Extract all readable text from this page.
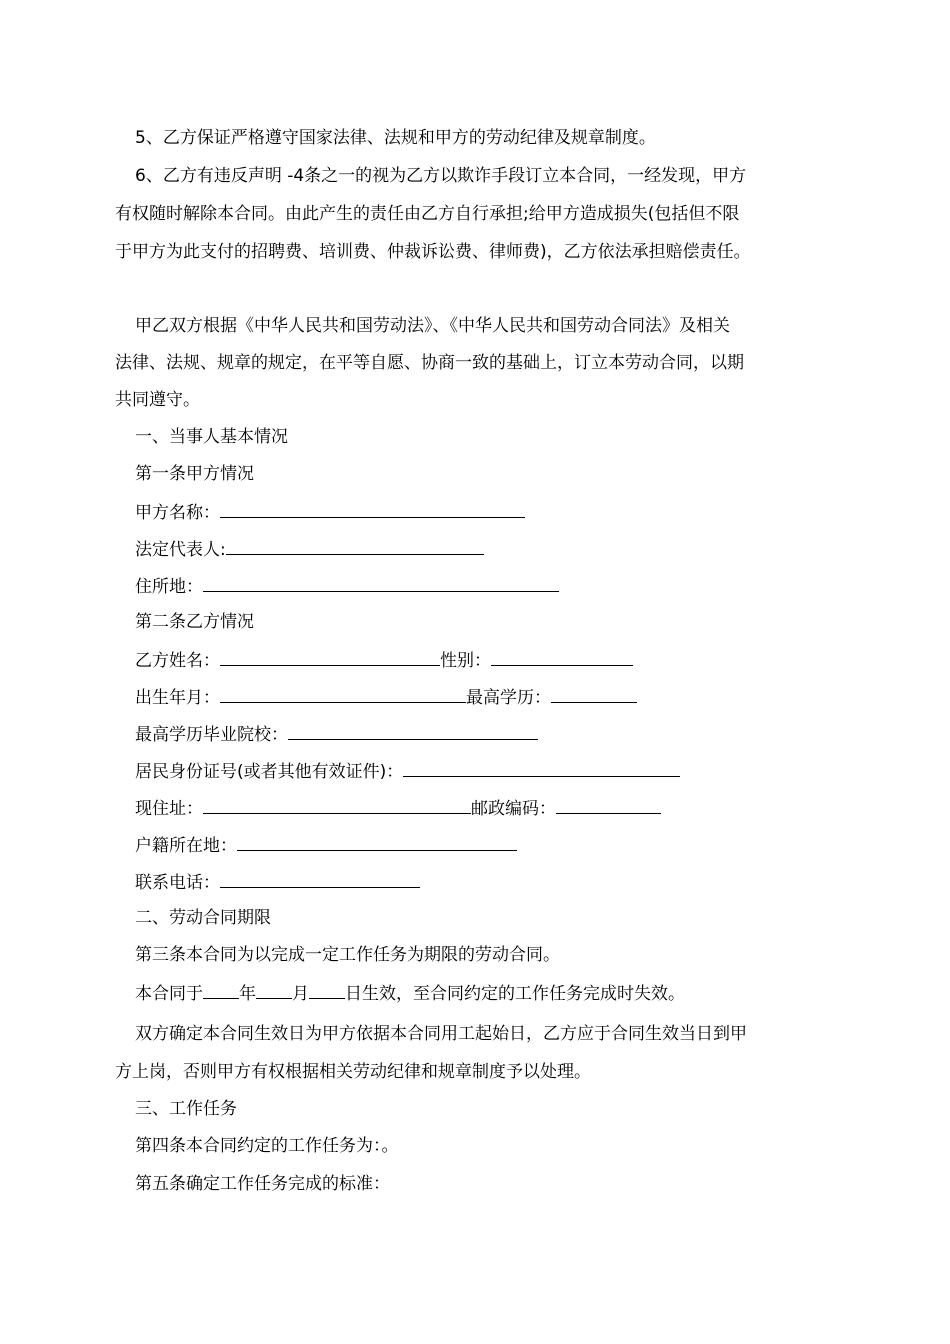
5、乙方保证严格遵守国家法律、法规和甲方的劳动纪律及规章制度。
6、乙方有违反声明 -4条之一的视为乙方以欺诈手段订立本合同，一经发现，甲方
有权随时解除本合同。由此产生的责任由乙方自行承担;给甲方造成损失(包括但不限
于甲方为此支付的招聘费、培训费、仲裁诉讼费、律师费)，乙方依法承担赔偿责任。
甲乙双方根据《中华人民共和国劳动法》、《中华人民共和国劳动合同法》及相关
法律、法规、规章的规定，在平等自愿、协商一致的基础上，订立本劳动合同，以期
共同遵守。
一、当事人基本情况
第一条甲方情况
甲方名称：
法定代表人:
住所地：
第二条乙方情况
乙方姓名：	性别：
出生年月：	最高学历：
最高学历毕业院校：
居民身份证号(或者其他有效证件)：
现住址：	邮政编码：
户籍所在地：
联系电话：
二、劳动合同期限
第三条本合同为以完成一定工作任务为期限的劳动合同。
本合同于 年 月 日生效，至合同约定的工作任务完成时失效。
双方确定本合同生效日为甲方依据本合同用工起始日，乙方应于合同生效当日到甲
方上岗，否则甲方有权根据相关劳动纪律和规章制度予以处理。
三、工作任务
第四条本合同约定的工作任务为：。
第五条确定工作任务完成的标准：
